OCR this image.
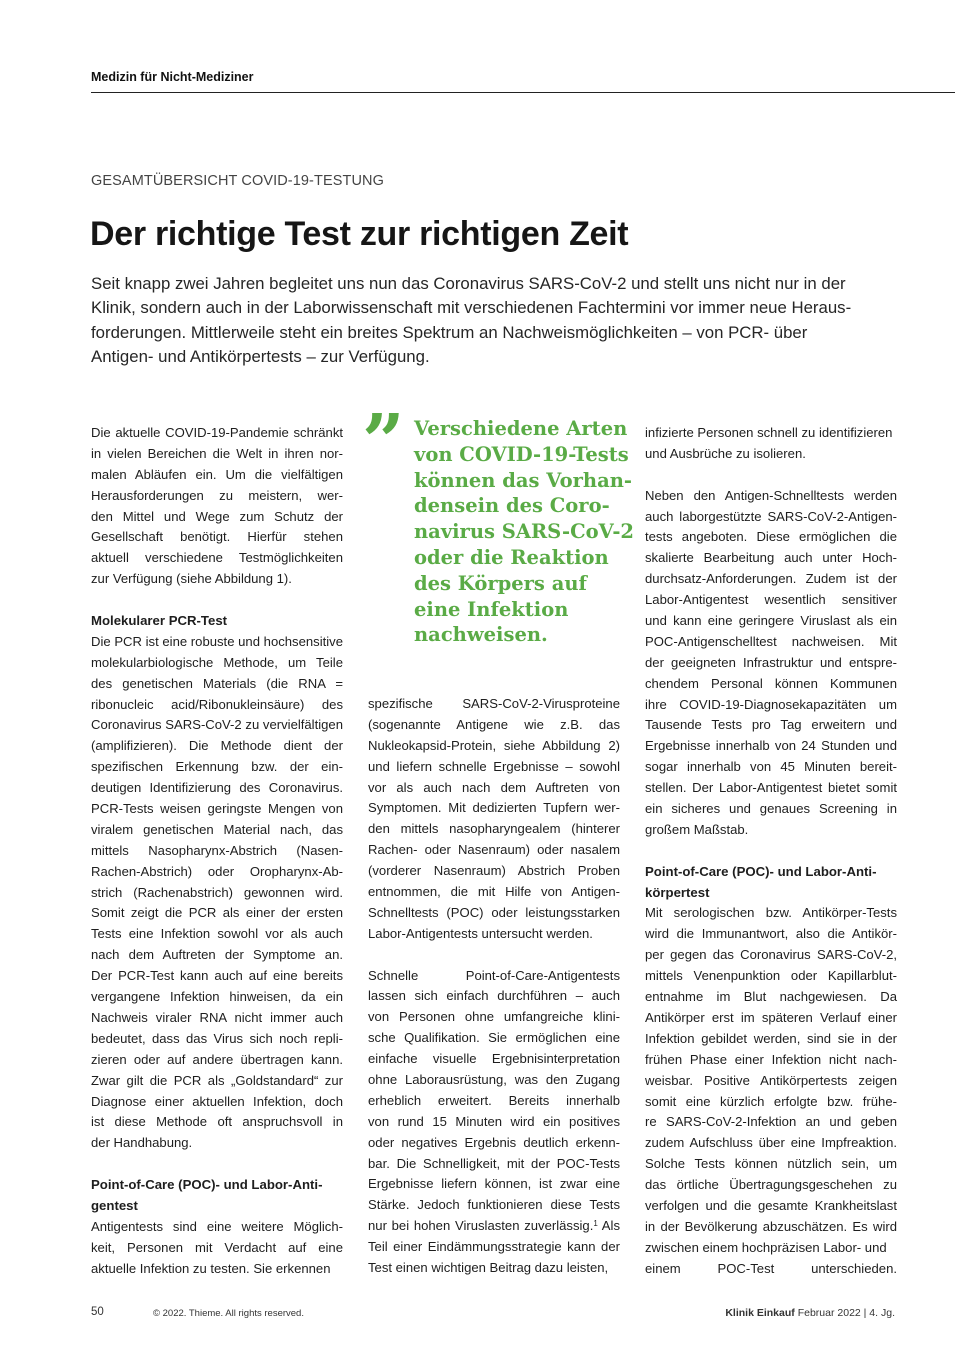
Medizin für Nicht-Mediziner
GESAMTÜBERSICHT COVID-19-TESTUNG
Der richtige Test zur richtigen Zeit
Seit knapp zwei Jahren begleitet uns nun das Coronavirus SARS-CoV-2 und stellt uns nicht nur in der
Klinik, sondern auch in der Laborwissenschaft mit verschiedenen Fachtermini vor immer neue Heraus-
forderungen. Mittlerweile steht ein breites Spektrum an Nachweismöglichkeiten – von PCR- über
Antigen- und Antikörpertests – zur Verfügung.
Die aktuelle COVID-19-Pandemie schränkt
in vielen Bereichen die Welt in ihren nor-
malen Abläufen ein. Um die vielfältigen
Herausforderungen zu meistern, wer-
den Mittel und Wege zum Schutz der
Gesellschaft benötigt. Hierfür stehen
aktuell verschiedene Testmöglichkeiten
zur Verfügung (siehe Abbildung 1).
Molekularer PCR-Test
Die PCR ist eine robuste und hochsensitive
molekularbiologische Methode, um Teile
des genetischen Materials (die RNA =
ribonucleic acid/Ribonukleinsäure) des
Coronavirus SARS-CoV-2 zu vervielfältigen
(amplifizieren). Die Methode dient der
spezifischen Erkennung bzw. der ein-
deutigen Identifizierung des Coronavirus.
PCR-Tests weisen geringste Mengen von
viralem genetischen Material nach, das
mittels Nasopharynx-Abstrich (Nasen-
Rachen-Abstrich) oder Oropharynx-Ab-
strich (Rachenabstrich) gewonnen wird.
Somit zeigt die PCR als einer der ersten
Tests eine Infektion sowohl vor als auch
nach dem Auftreten der Symptome an.
Der PCR-Test kann auch auf eine bereits
vergangene Infektion hinweisen, da ein
Nachweis viraler RNA nicht immer auch
bedeutet, dass das Virus sich noch repli-
zieren oder auf andere übertragen kann.
Zwar gilt die PCR als „Goldstandard“ zur
Diagnose einer aktuellen Infektion, doch
ist diese Methode oft anspruchsvoll in
der Handhabung.
Point-of-Care (POC)- und Labor-Anti-
gentest
Antigentests sind eine weitere Möglich-
keit, Personen mit Verdacht auf eine
aktuelle Infektion zu testen. Sie erkennen
” Verschiedene Arten
von COVID-19-Tests
können das Vorhan-
densein des Coro-
navirus SARS-CoV-2
oder die Reaktion
des Körpers auf
eine Infektion
nachweisen.
spezifische SARS-CoV-2-Virusproteine
(sogenannte Antigene wie z.B. das
Nukleokapsid-Protein, siehe Abbildung 2)
und liefern schnelle Ergebnisse – sowohl
vor als auch nach dem Auftreten von
Symptomen. Mit dedizierten Tupfern wer-
den mittels nasopharyngealem (hinterer
Rachen- oder Nasenraum) oder nasalem
(vorderer Nasenraum) Abstrich Proben
entnommen, die mit Hilfe von Antigen-
Schnelltests (POC) oder leistungsstarken
Labor-Antigentests untersucht werden.
Schnelle Point-of-Care-Antigentests
lassen sich einfach durchführen – auch
von Personen ohne umfangreiche klini-
sche Qualifikation. Sie ermöglichen eine
einfache visuelle Ergebnisinterpretation
ohne Laborausrüstung, was den Zugang
erheblich erweitert. Bereits innerhalb
von rund 15 Minuten wird ein positives
oder negatives Ergebnis deutlich erkenn-
bar. Die Schnelligkeit, mit der POC-Tests
Ergebnisse liefern können, ist zwar eine
Stärke. Jedoch funktionieren diese Tests
nur bei hohen Viruslasten zuverlässig.$^1$ Als
Teil einer Eindämmungsstrategie kann der
Test einen wichtigen Beitrag dazu leisten,
infizierte Personen schnell zu identifizieren
und Ausbrüche zu isolieren.
Neben den Antigen-Schnelltests werden
auch laborgestützte SARS-CoV-2-Antigen-
tests angeboten. Diese ermöglichen die
skalierte Bearbeitung auch unter Hoch-
durchsatz-Anforderungen. Zudem ist der
Labor-Antigentest wesentlich sensitiver
und kann eine geringere Viruslast als ein
POC-Antigenschelltest nachweisen. Mit
der geeigneten Infrastruktur und entspre-
chendem Personal können Kommunen
ihre COVID-19-Diagnosekapazitäten um
Tausende Tests pro Tag erweitern und
Ergebnisse innerhalb von 24 Stunden und
sogar innerhalb von 45 Minuten bereit-
stellen. Der Labor-Antigentest bietet somit
ein sicheres und genaues Screening in
großem Maßstab.
Point-of-Care (POC)- und Labor-Anti-
körpertest
Mit serologischen bzw. Antikörper-Tests
wird die Immunantwort, also die Antikör-
per gegen das Coronavirus SARS-CoV-2,
mittels Venenpunktion oder Kapillarblut-
entnahme im Blut nachgewiesen. Da
Antikörper erst im späteren Verlauf einer
Infektion gebildet werden, sind sie in der
frühen Phase einer Infektion nicht nach-
weisbar. Positive Antikörpertests zeigen
somit eine kürzlich erfolgte bzw. frühe-
re SARS-CoV-2-Infektion an und geben
zudem Aufschluss über eine Impfreaktion.
Solche Tests können nützlich sein, um
das örtliche Übertragungsgeschehen zu
verfolgen und die gesamte Krankheitslast
in der Bevölkerung abzuschätzen. Es wird
zwischen einem hochpräzisen Labor- und
einem POC-Test unterschieden.
50	© 2022. Thieme. All rights reserved.	Klinik Einkauf Februar 2022 | 4. Jg.
